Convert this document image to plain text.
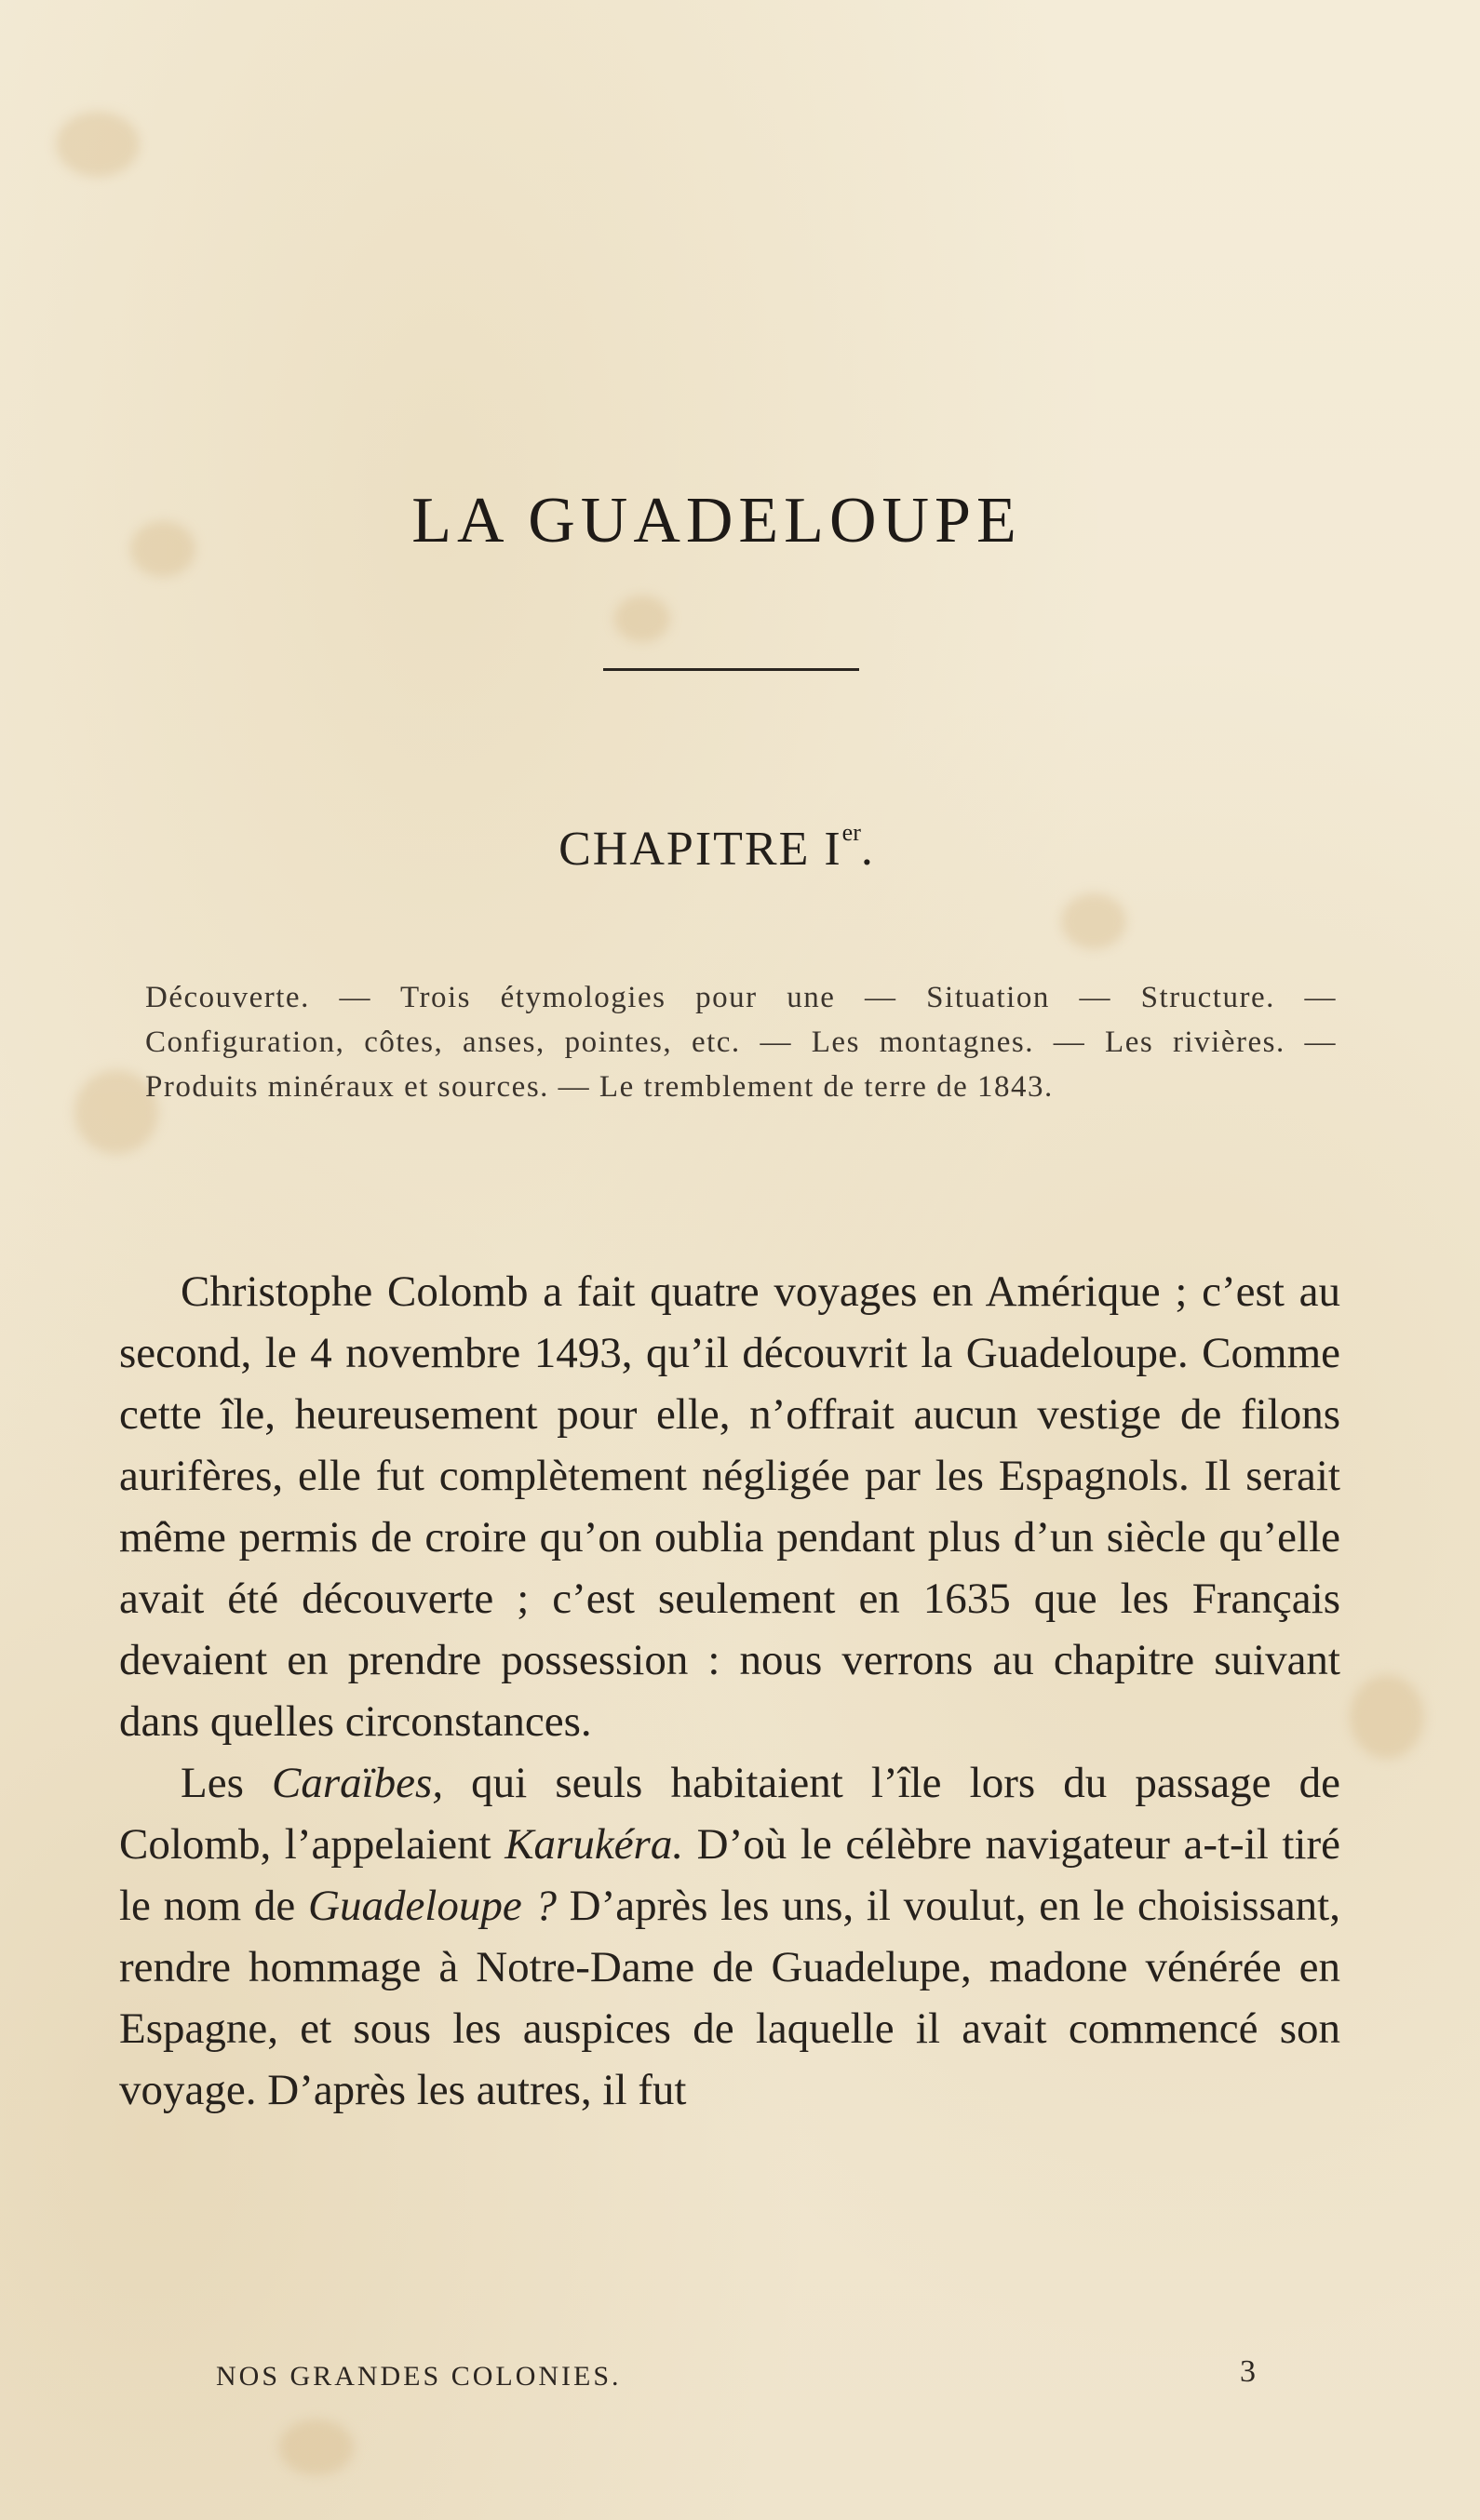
LA GUADELOUPE
CHAPITRE Ier.

Découverte. — Trois étymologies pour une — Situation — Structure. — Configuration, côtes, anses, pointes, etc. — Les montagnes. — Les rivières. — Produits minéraux et sources. — Le tremblement de terre de 1843.

Christophe Colomb a fait quatre voyages en Amérique ; c’est au second, le 4 novembre 1493, qu’il découvrit la Guadeloupe. Comme cette île, heureusement pour elle, n’offrait aucun vestige de filons aurifères, elle fut complètement négligée par les Espagnols. Il serait même permis de croire qu’on oublia pendant plus d’un siècle qu’elle avait été découverte ; c’est seulement en 1635 que les Français devaient en prendre possession : nous verrons au chapitre suivant dans quelles circonstances.

Les Caraïbes, qui seuls habitaient l’île lors du passage de Colomb, l’appelaient Karukéra. D’où le célèbre navigateur a-t-il tiré le nom de Guadeloupe ? D’après les uns, il voulut, en le choisissant, rendre hommage à Notre-Dame de Guadelupe, madone vénérée en Espagne, et sous les auspices de laquelle il avait commencé son voyage. D’après les autres, il fut

NOS GRANDES COLONIES.	3
